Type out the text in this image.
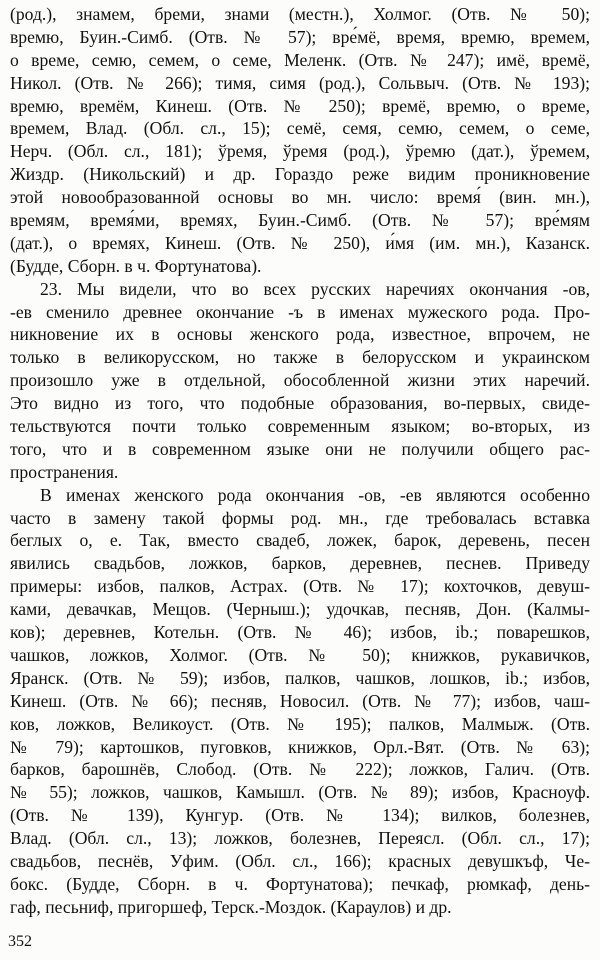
(род.), знамем, бреми, знами (местн.), Холмог. (Отв. № 50);
времю, Буин.-Симб. (Отв. № 57); вре́мё, время, времю, времем,
о време, семю, семем, о семе, Меленк. (Отв. № 247); имё, времё,
Никол. (Отв. № 266); тимя, симя (род.), Сольвыч. (Отв. № 193);
времю, времём, Кинеш. (Отв. № 250); времё, времю, о време,
времем, Влад. (Обл. сл., 15); семё, семя, семю, семем, о семе,
Нерч. (Обл. сл., 181); ўремя, ўремя (род.), ўремю (дат.), ўремем,
Жиздр. (Никольский) и др. Гораздо реже видим проникновение
этой новообразованной основы во мн. число: время́ (вин. мн.),
времям, время́ми, времях, Буин.-Симб. (Отв. № 57); вре́мям
(дат.), о времях, Кинеш. (Отв. № 250), и́мя (им. мн.), Казанск.
(Будде, Сборн. в ч. Фортунатова).
23. Мы видели, что во всех русских наречиях окончания -ов,
-ев сменило древнее окончание -ъ в именах мужеского рода. Про-
никновение их в основы женского рода, известное, впрочем, не
только в великорусском, но также в белорусском и украинском
произошло уже в отдельной, обособленной жизни этих наречий.
Это видно из того, что подобные образования, во-первых, свиде-
тельствуются почти только современным языком; во-вторых, из
того, что и в современном языке они не получили общего рас-
пространения.
В именах женского рода окончания -ов, -ев являются особенно
часто в замену такой формы род. мн., где требовалась вставка
беглых о, е. Так, вместо свадеб, ложек, барок, деревень, песен
явились свадьбов, ложков, барков, деревнев, песнев. Приведу
примеры: избов, палков, Астрах. (Отв. № 17); кохточков, девуш-
ками, девачкав, Мещов. (Черныш.); удочкав, песняв, Дон. (Калмы-
ков); деревнев, Котельн. (Отв. № 46); избов, ib.; поварешков,
чашков, ложков, Холмог. (Отв. № 50); книжков, рукавичков,
Яранск. (Отв. № 59); избов, палков, чашков, лошков, ib.; избов,
Кинеш. (Отв. № 66); песняв, Новосил. (Отв. № 77); избов, чаш-
ков, ложков, Великоуст. (Отв. № 195); палков, Малмыж. (Отв.
№ 79); картошков, пуговков, книжков, Орл.-Вят. (Отв. № 63);
барков, барошнёв, Слобод. (Отв. № 222); ложков, Галич. (Отв.
№ 55); ложков, чашков, Камышл. (Отв. № 89); избов, Красноуф.
(Отв. № 139), Кунгур. (Отв. № 134); вилков, болезнев,
Влад. (Обл. сл., 13); ложков, болезнев, Переясл. (Обл. сл., 17);
свадьбов, песнёв, Уфим. (Обл. сл., 166); красных девушкъф, Че-
бокс. (Будде, Сборн. в ч. Фортунатова); печкаф, рюмкаф, день-
гаф, песьниф, пригоршеф, Терск.-Моздок. (Караулов) и др.
352
